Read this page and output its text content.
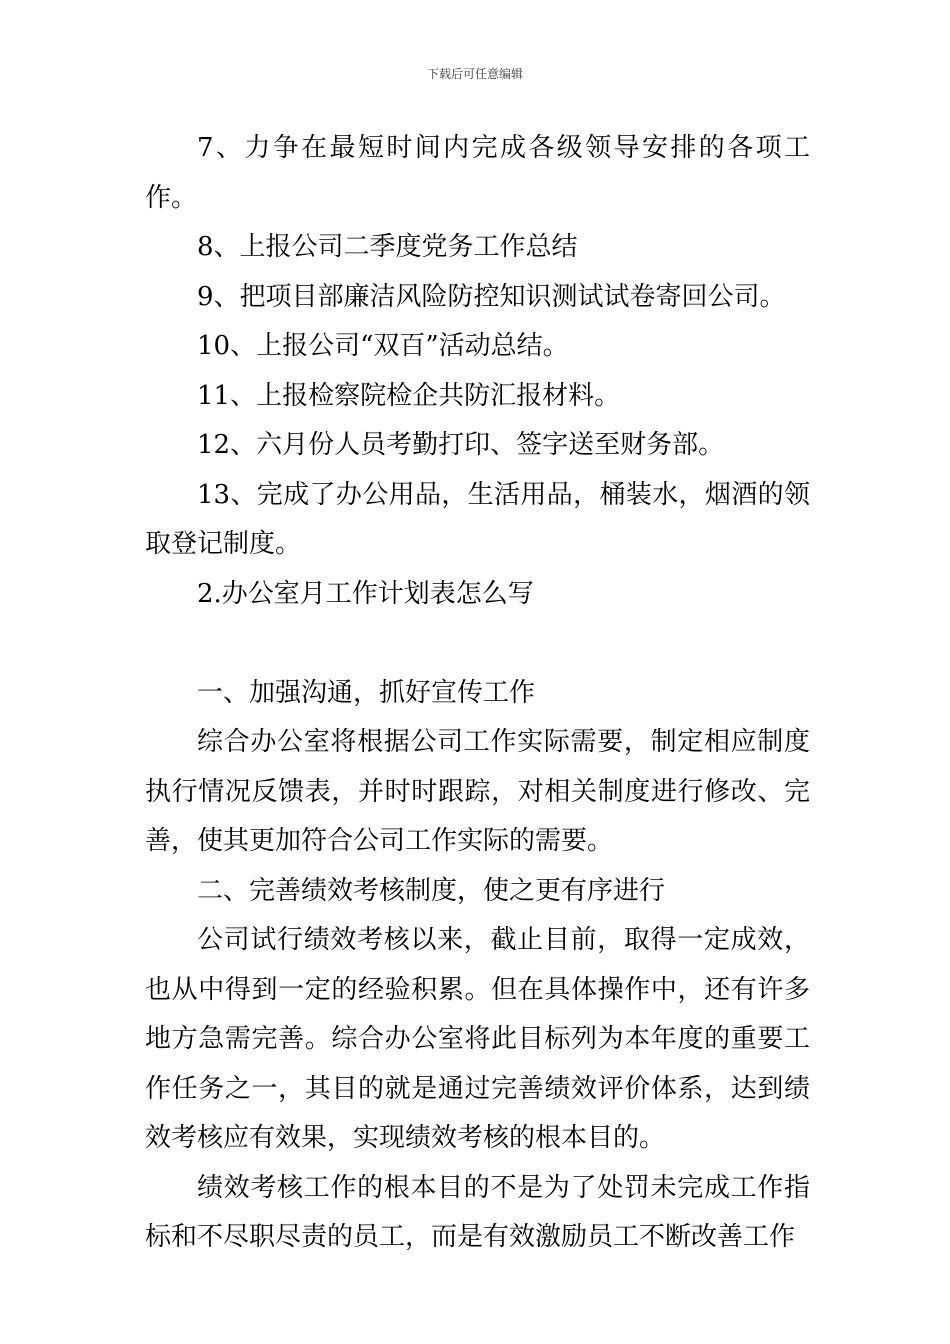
下载后可任意编辑

7、力争在最短时间内完成各级领导安排的各项工作。

8、上报公司二季度党务工作总结

9、把项目部廉洁风险防控知识测试试卷寄回公司。

10、上报公司“双百”活动总结。

11、上报检察院检企共防汇报材料。

12、六月份人员考勤打印、签字送至财务部。

13、完成了办公用品，生活用品，桶装水，烟酒的领取登记制度。

2.办公室月工作计划表怎么写

一、加强沟通，抓好宣传工作

综合办公室将根据公司工作实际需要，制定相应制度执行情况反馈表，并时时跟踪，对相关制度进行修改、完善，使其更加符合公司工作实际的需要。

二、完善绩效考核制度，使之更有序进行

公司试行绩效考核以来，截止目前，取得一定成效，也从中得到一定的经验积累。但在具体操作中，还有许多地方急需完善。综合办公室将此目标列为本年度的重要工作任务之一，其目的就是通过完善绩效评价体系，达到绩效考核应有效果，实现绩效考核的根本目的。

绩效考核工作的根本目的不是为了处罚未完成工作指标和不尽职尽责的员工，而是有效激励员工不断改善工作
